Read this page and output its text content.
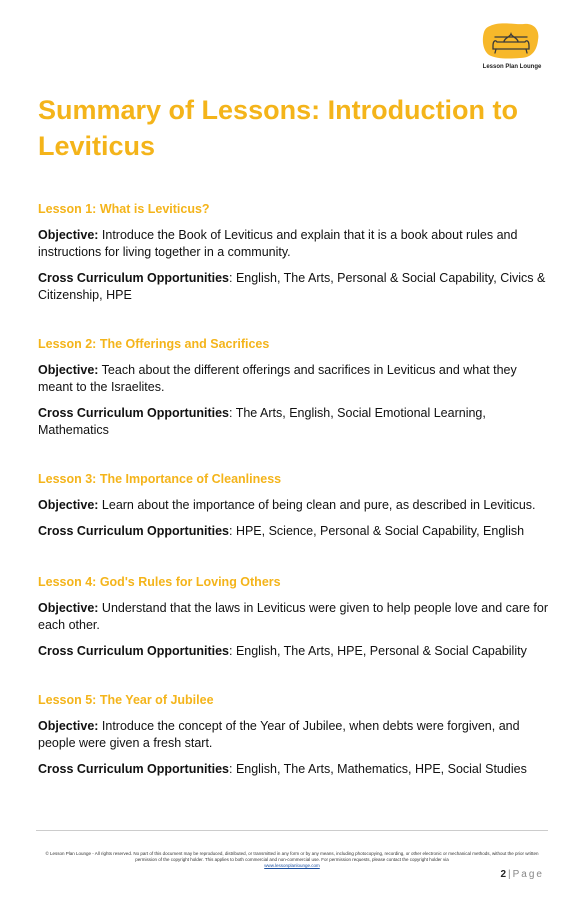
Lesson Plan Lounge
Summary of Lessons: Introduction to Leviticus
Lesson 1: What is Leviticus?

Objective: Introduce the Book of Leviticus and explain that it is a book about rules and instructions for living together in a community.

Cross Curriculum Opportunities: English, The Arts, Personal & Social Capability, Civics & Citizenship, HPE

Lesson 2: The Offerings and Sacrifices

Objective: Teach about the different offerings and sacrifices in Leviticus and what they meant to the Israelites.

Cross Curriculum Opportunities: The Arts, English, Social Emotional Learning, Mathematics

Lesson 3: The Importance of Cleanliness

Objective: Learn about the importance of being clean and pure, as described in Leviticus.

Cross Curriculum Opportunities: HPE, Science, Personal & Social Capability, English

Lesson 4: God's Rules for Loving Others

Objective: Understand that the laws in Leviticus were given to help people love and care for each other.

Cross Curriculum Opportunities: English, The Arts, HPE, Personal & Social Capability

Lesson 5: The Year of Jubilee

Objective: Introduce the concept of the Year of Jubilee, when debts were forgiven, and people were given a fresh start.

Cross Curriculum Opportunities: English, The Arts, Mathematics, HPE, Social Studies

© Lesson Plan Lounge - All rights reserved. No part of this document may be reproduced, distributed, or transmitted in any form or by any means, including photocopying, recording, or other electronic or mechanical methods, without the prior written permission of the copyright holder. This applies to both commercial and non-commercial use. For permission requests, please contact the copyright holder via
www.lessonplanlounge.com
2 | Page
